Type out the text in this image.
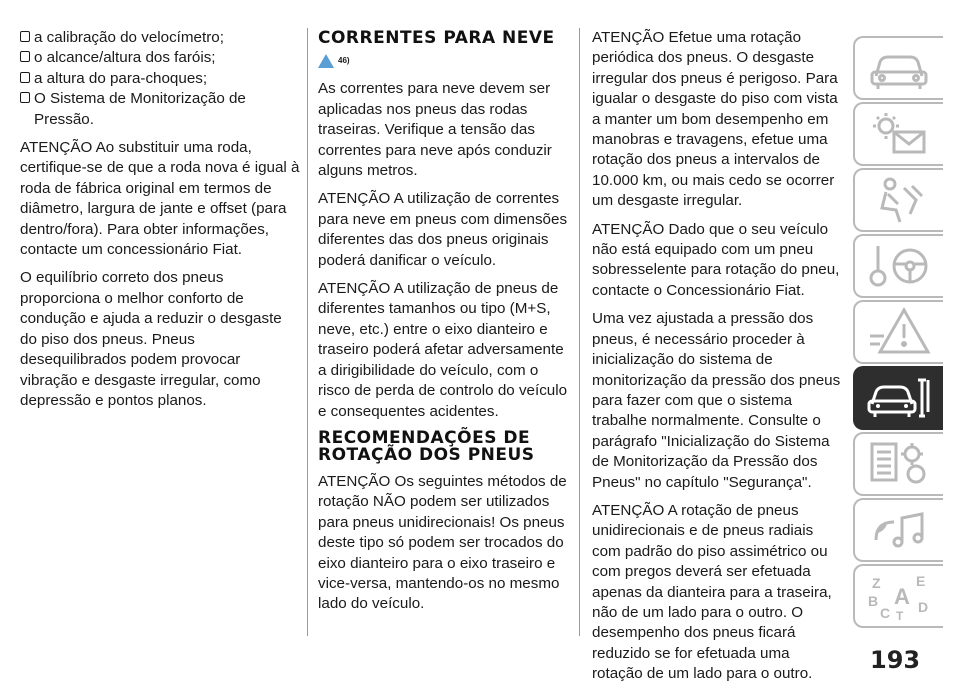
a calibração do velocímetro;
o alcance/altura dos faróis;
a altura do para-choques;
O Sistema de Monitorização de Pressão.

ATENÇÃO Ao substituir uma roda, certifique-se de que a roda nova é igual à roda de fábrica original em termos de diâmetro, largura de jante e offset (para dentro/fora). Para obter informações, contacte um concessionário Fiat.

O equilíbrio correto dos pneus proporciona o melhor conforto de condução e ajuda a reduzir o desgaste do piso dos pneus. Pneus desequilibrados podem provocar vibração e desgaste irregular, como depressão e pontos planos.

CORRENTES PARA NEVE
46)

As correntes para neve devem ser aplicadas nos pneus das rodas traseiras. Verifique a tensão das correntes para neve após conduzir alguns metros.

ATENÇÃO A utilização de correntes para neve em pneus com dimensões diferentes das dos pneus originais poderá danificar o veículo.

ATENÇÃO A utilização de pneus de diferentes tamanhos ou tipo (M+S, neve, etc.) entre o eixo dianteiro e traseiro poderá afetar adversamente a dirigibilidade do veículo, com o risco de perda de controlo do veículo e consequentes acidentes.

RECOMENDAÇÕES DE
ROTAÇÃO DOS PNEUS

ATENÇÃO Os seguintes métodos de rotação NÃO podem ser utilizados para pneus unidirecionais! Os pneus deste tipo só podem ser trocados do eixo dianteiro para o eixo traseiro e vice-versa, mantendo-os no mesmo lado do veículo.

ATENÇÃO Efetue uma rotação periódica dos pneus. O desgaste irregular dos pneus é perigoso. Para igualar o desgaste do piso com vista a manter um bom desempenho em manobras e travagens, efetue uma rotação dos pneus a intervalos de 10.000 km, ou mais cedo se ocorrer um desgaste irregular.

ATENÇÃO Dado que o seu veículo não está equipado com um pneu sobresselente para rotação do pneu, contacte o Concessionário Fiat.

Uma vez ajustada a pressão dos pneus, é necessário proceder à inicialização do sistema de monitorização da pressão dos pneus para fazer com que o sistema trabalhe normalmente. Consulte o parágrafo "Inicialização do Sistema de Monitorização da Pressão dos Pneus" no capítulo "Segurança".

ATENÇÃO A rotação de pneus unidirecionais e de pneus radiais com padrão do piso assimétrico ou com pregos deverá ser efetuada apenas da dianteira para a traseira, não de um lado para o outro. O desempenho dos pneus ficará reduzido se for efetuada uma rotação de um lado para o outro.

Z	E
B A
C T
D
193
